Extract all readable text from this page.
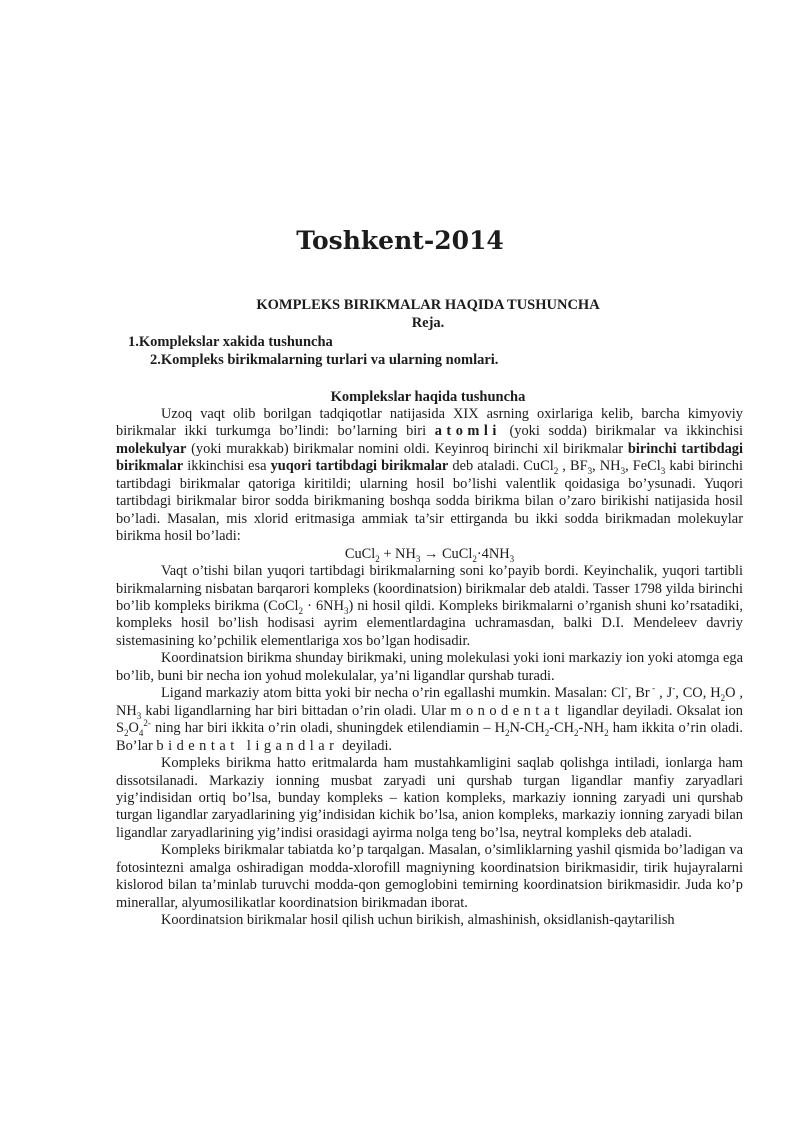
Toshkent-2014
KOMPLEKS BIRIKMALAR HAQIDA TUSHUNCHA
Reja.
1.Komplekslar xakida tushuncha
2.Kompleks birikmalarning turlari va ularning nomlari.
Komplekslar haqida tushuncha

Uzoq vaqt olib borilgan tadqiqotlar natijasida XIX asrning oxirlariga kelib, barcha kimyoviy birikmalar ikki turkumga bo’lindi: bo’larning biri atomli (yoki sodda) birikmalar va ikkinchisi molekulyar (yoki murakkab) birikmalar nomini oldi. Keyinroq birinchi xil birikmalar birinchi tartibdagi birikmalar ikkinchisi esa yuqori tartibdagi birikmalar deb ataladi. CuCl$_2$ , $BF_3$, $NH_3$, FeCl$_3$ kabi birinchi tartibdagi birikmalar qatoriga kiritildi; ularning hosil bo’lishi valentlik qoidasiga bo’ysunadi. Yuqori tartibdagi birikmalar biror sodda birikmaning boshqa sodda birikma bilan o’zaro birikishi natijasida hosil bo’ladi. Masalan, mis xlorid eritmasiga ammiak ta’sir ettirganda bu ikki sodda birikmadan molekuylar birikma hosil bo’ladi:

CuCl$_2$ + $NH_3$ → $CuCl_2\cdot 4NH_3$

Vaqt o’tishi bilan yuqori tartibdagi birikmalarning soni ko’payib bordi. Keyinchalik, yuqori tartibli birikmalarning nisbatan barqarori kompleks (koordinatsion) birikmalar deb ataldi. Tasser 1798 yilda birinchi bo’lib kompleks birikma (CoCl$_2$ · $6NH_3$) ni hosil qildi. Kompleks birikmalarni o’rganish shuni ko’rsatadiki, kompleks hosil bo’lish hodisasi ayrim elementlardagina uchramasdan, balki D.I. Mendeleev davriy sistemasining ko’pchilik elementlariga xos bo’lgan hodisadir.

Koordinatsion birikma shunday birikmaki, uning molekulasi yoki ioni markaziy ion yoki atomga ega bo’lib, buni bir necha ion yohud molekulalar, ya’ni ligandlar qurshab turadi.

Ligand markaziy atom bitta yoki bir necha o’rin egallashi mumkin. Masalan: Cl-, Br - , J-, CO, $H_2O$ , $NH_3$ kabi ligandlarning har biri bittadan o’rin oladi. Ular monodentat ligandlar deyiladi. Oksalat ion $S_2O_4^{2-}$ ning har biri ikkita o’rin oladi, shuningdek etilendiamin – $H_2N-CH_2-CH_2-NH_2$ ham ikkita o’rin oladi. Bo’lar bidentat ligandlar deyiladi.

Kompleks birikma hatto eritmalarda ham mustahkamligini saqlab qolishga intiladi, ionlarga ham dissotsilanadi. Markaziy ionning musbat zaryadi uni qurshab turgan ligandlar manfiy zaryadlari yig’indisidan ortiq bo’lsa, bunday kompleks – kation kompleks, markaziy ionning zaryadi uni qurshab turgan ligandlar zaryadlarining yig’indisidan kichik bo’lsa, anion kompleks, markaziy ionning zaryadi bilan ligandlar zaryadlarining yig’indisi orasidagi ayirma nolga teng bo’lsa, neytral kompleks deb ataladi.

Kompleks birikmalar tabiatda ko’p tarqalgan. Masalan, o’simliklarning yashil qismida bo’ladigan va fotosintezni amalga oshiradigan modda-xlorofill magniyning koordinatsion birikmasidir, tirik hujayralarni kislorod bilan ta’minlab turuvchi modda-qon gemoglobini temirning koordinatsion birikmasidir. Juda ko’p minerallar, alyumosilikatlar koordinatsion birikmadan iborat.

Koordinatsion birikmalar hosil qilish uchun birikish, almashinish, oksidlanish-qaytarilish
